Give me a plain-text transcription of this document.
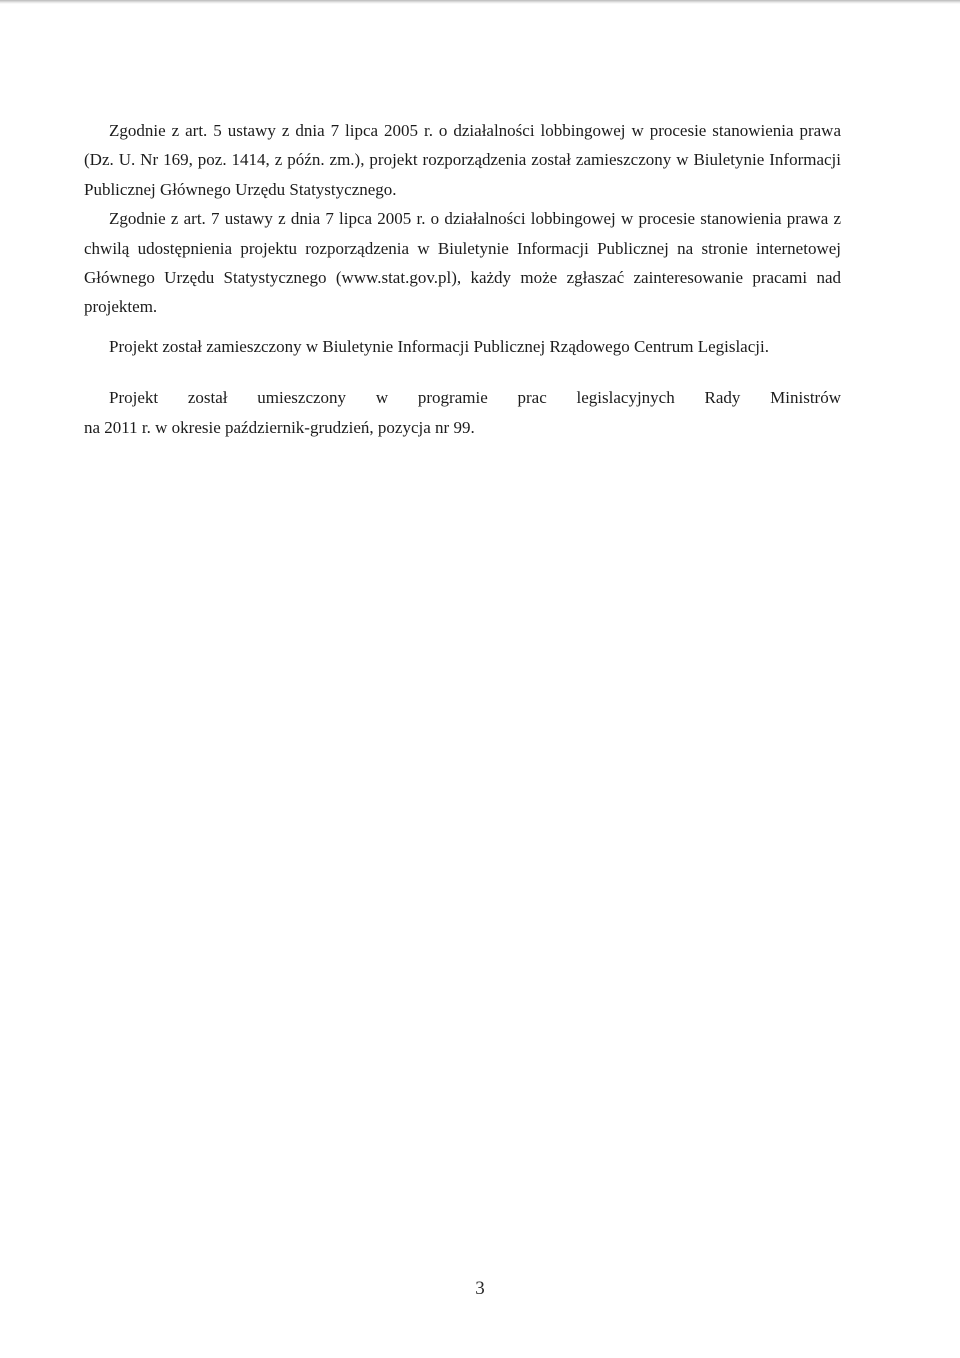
Zgodnie z art. 5 ustawy z dnia 7 lipca 2005 r. o działalności lobbingowej w procesie stanowienia prawa (Dz. U. Nr 169, poz. 1414, z późn. zm.), projekt rozporządzenia został zamieszczony w Biuletynie Informacji Publicznej Głównego Urzędu Statystycznego.

Zgodnie z art. 7 ustawy z dnia 7 lipca 2005 r. o działalności lobbingowej w procesie stanowienia prawa z chwilą udostępnienia projektu rozporządzenia w Biuletynie Informacji Publicznej na stronie internetowej Głównego Urzędu Statystycznego (www.stat.gov.pl), każdy może zgłaszać zainteresowanie pracami nad projektem.

Projekt został zamieszczony w Biuletynie Informacji Publicznej Rządowego Centrum Legislacji.

Projekt został umieszczony w programie prac legislacyjnych Rady Ministrów

na 2011 r. w okresie październik-grudzień, pozycja nr 99.

3
